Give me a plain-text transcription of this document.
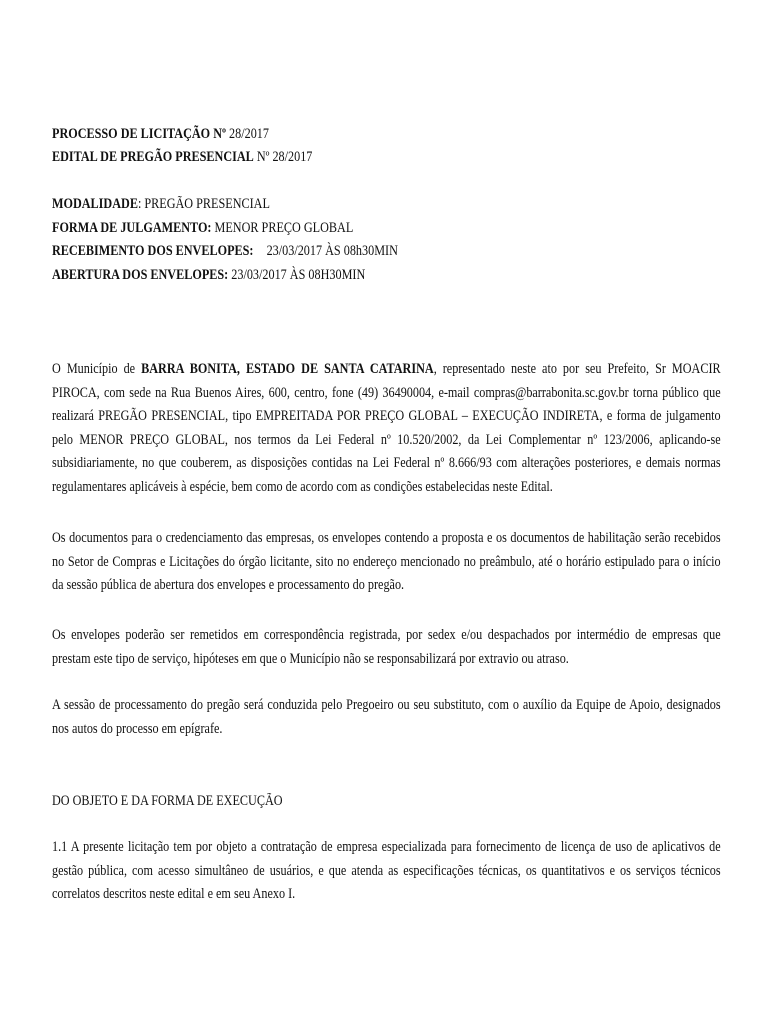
PROCESSO DE LICITAÇÃO Nº 28/2017
EDITAL DE PREGÃO PRESENCIAL Nº 28/2017
MODALIDADE: PREGÃO PRESENCIAL
FORMA DE JULGAMENTO: MENOR PREÇO GLOBAL
RECEBIMENTO DOS ENVELOPES: 23/03/2017 ÀS 08h30MIN
ABERTURA DOS ENVELOPES: 23/03/2017 ÀS 08H30MIN
O Município de BARRA BONITA, ESTADO DE SANTA CATARINA, representado neste ato por seu Prefeito, Sr MOACIR PIROCA, com sede na Rua Buenos Aires, 600, centro, fone (49) 36490004, e-mail compras@barrabonita.sc.gov.br torna público que realizará PREGÃO PRESENCIAL, tipo EMPREITADA POR PREÇO GLOBAL – EXECUÇÃO INDIRETA, e forma de julgamento pelo MENOR PREÇO GLOBAL, nos termos da Lei Federal nº 10.520/2002, da Lei Complementar nº 123/2006, aplicando-se subsidiariamente, no que couberem, as disposições contidas na Lei Federal nº 8.666/93 com alterações posteriores, e demais normas regulamentares aplicáveis à espécie, bem como de acordo com as condições estabelecidas neste Edital.
Os documentos para o credenciamento das empresas, os envelopes contendo a proposta e os documentos de habilitação serão recebidos no Setor de Compras e Licitações do órgão licitante, sito no endereço mencionado no preâmbulo, até o horário estipulado para o início da sessão pública de abertura dos envelopes e processamento do pregão.
Os envelopes poderão ser remetidos em correspondência registrada, por sedex e/ou despachados por intermédio de empresas que prestam este tipo de serviço, hipóteses em que o Município não se responsabilizará por extravio ou atraso.
A sessão de processamento do pregão será conduzida pelo Pregoeiro ou seu substituto, com o auxílio da Equipe de Apoio, designados nos autos do processo em epígrafe.
DO OBJETO E DA FORMA DE EXECUÇÃO
1.1 A presente licitação tem por objeto a contratação de empresa especializada para fornecimento de licença de uso de aplicativos de gestão pública, com acesso simultâneo de usuários, e que atenda as especificações técnicas, os quantitativos e os serviços técnicos correlatos descritos neste edital e em seu Anexo I.
